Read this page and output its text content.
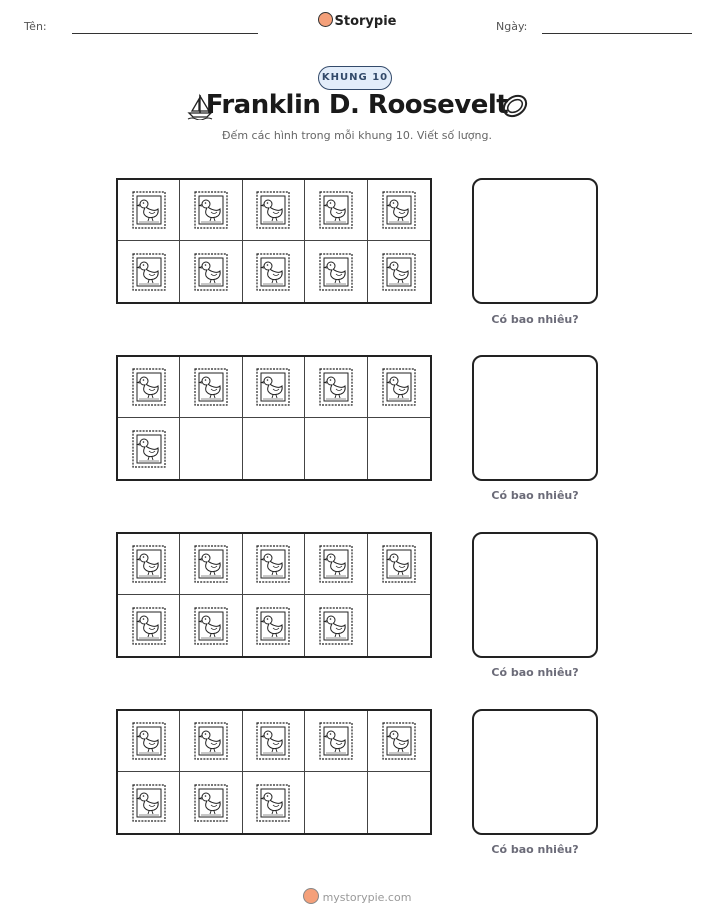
Tên:	Storypie	Ngày:
KHUNG 10
Franklin D. Roosevelt
Đếm các hình trong mỗi khung 10. Viết số lượng.
Có bao nhiêu?
Có bao nhiêu?
Có bao nhiêu?
Có bao nhiêu?
mystorypie.com
